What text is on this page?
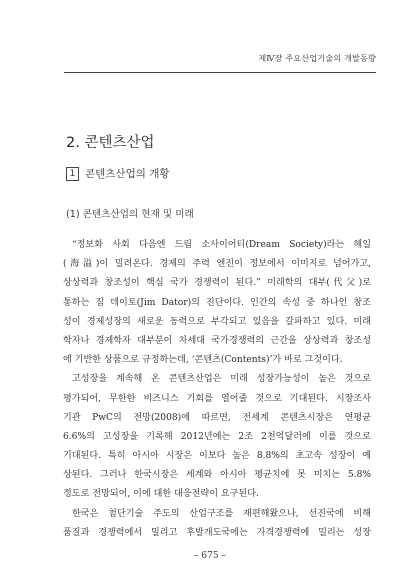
제Ⅳ장 주요산업기술의 개발동향
2. 콘텐츠산업
1 콘텐츠산업의 개황
(1) 콘텐츠산업의 현재 및 미래
“정보화 사회 다음엔 드림 소사이어티(Dream Society)라는 해일
(海溢)이 밀려온다. 경제의 주력 엔진이 정보에서 이미지로 넘어가고,
상상력과 창조성이 핵심 국가 경쟁력이 된다.” 미래학의 대부(代父)로
통하는 짐 데이토(Jim Dator)의 진단이다. 인간의 속성 중 하나인 창조
성이 경제성장의 새로운 동력으로 부각되고 있음을 갈파하고 있다. 미래
학자나 경제학자 대부분이 차세대 국가경쟁력의 근간을 상상력과 창조성
에 기반한 상품으로 규정하는데, ‘콘텐츠(Contents)’가 바로 그것이다.
고성장을 계속해 온 콘텐츠산업은 미래 성장가능성이 높은 것으로
평가되어, 무한한 비즈니스 기회를 열어줄 것으로 기대된다. 시장조사
기관 PwC의 전망(2008)에 따르면, 전세계 콘텐츠시장은 연평균
6.6%의 고성장을 기록해 2012년에는 2조 2천억달러에 이를 것으로
기대된다. 특히 아시아 시장은 이보다 높은 8.8%의 초고속 성장이 예
상된다. 그러나 한국시장은 세계와 아시아 평균치에 못 미치는 5.8%
정도로 전망되어, 이에 대한 대응전략이 요구된다.
한국은 첨단기술 주도의 산업구조를 재편해왔으나, 선진국에 비해
품질과 경쟁력에서 밀리고 후발개도국에는 가격경쟁력에 밀리는 성장
– 675 –
